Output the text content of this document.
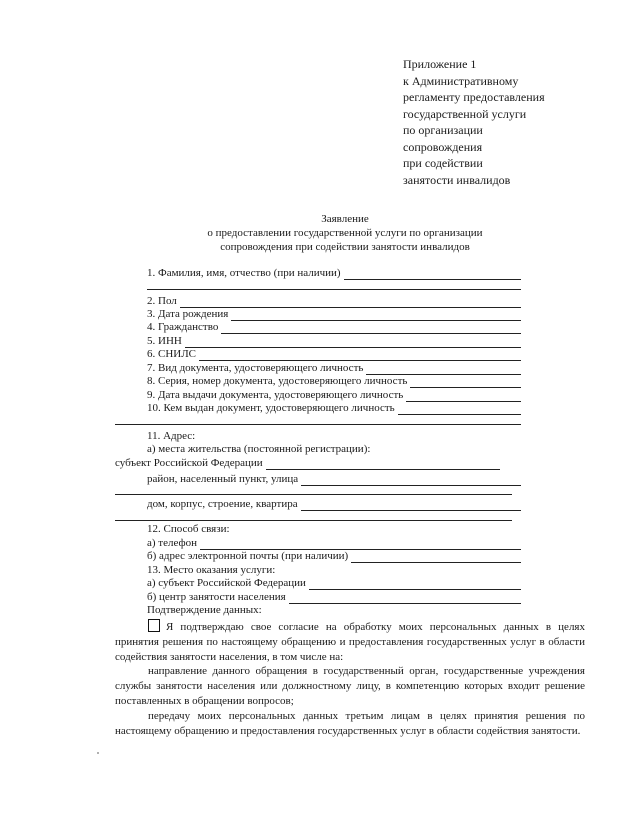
Приложение 1
к Административному
регламенту предоставления
государственной услуги
по организации
сопровождения
при содействии
занятости инвалидов
Заявление
о предоставлении государственной услуги по организации
сопровождения при содействии занятости инвалидов
1. Фамилия, имя, отчество (при наличии)
2. Пол
3. Дата рождения
4. Гражданство
5. ИНН
6. СНИЛС
7. Вид документа, удостоверяющего личность
8. Серия, номер документа, удостоверяющего личность
9. Дата выдачи документа, удостоверяющего личность
10. Кем выдан документ, удостоверяющего личность
11. Адрес:
а) места жительства (постоянной регистрации):
субъект Российской Федерации
район, населенный пункт, улица
дом, корпус, строение, квартира
12. Способ связи:
а) телефон
б) адрес электронной почты (при наличии)
13. Место оказания услуги:
а) субъект Российской Федерации
б) центр занятости населения
Подтверждение данных:
Я подтверждаю свое согласие на обработку моих персональных данных в целях принятия решения по настоящему обращению и предоставления государственных услуг в области содействия занятости населения, в том числе на:
направление данного обращения в государственный орган, государственные учреждения службы занятости населения или должностному лицу, в компетенцию которых входит решение поставленных в обращении вопросов;
передачу моих персональных данных третьим лицам в целях принятия решения по настоящему обращению и предоставления государственных услуг в области содействия занятости.
